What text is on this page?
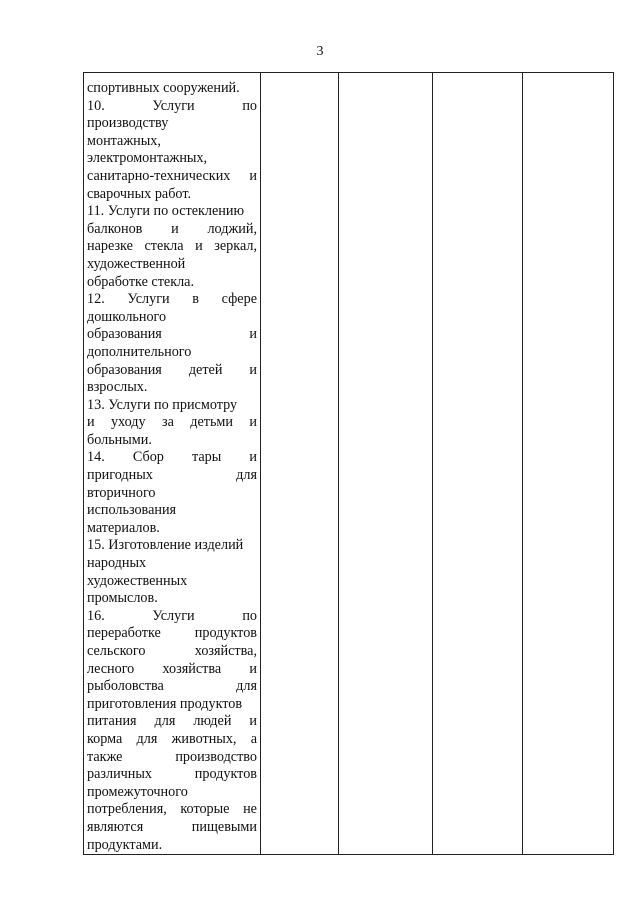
3
спортивных сооружений.
10.	Услуги	по
производству
монтажных,
электромонтажных,
санитарно-технических и
сварочных работ.
11. Услуги по остеклению
балконов и лоджий,
нарезке стекла и зеркал,
художественной
обработке стекла.
12. Услуги в сфере
дошкольного
образования	и
дополнительного
образования детей и
взрослых.
13. Услуги по присмотру
и уходу за детьми и
больными.
14. Сбор тары и
пригодных	для
вторичного
использования
материалов.
15. Изготовление изделий
народных
художественных
промыслов.
16.	Услуги	по
переработке продуктов
сельского	хозяйства,
лесного хозяйства и
рыболовства	для
приготовления продуктов
питания для людей и
корма для животных, а
также	производство
различных	продуктов
промежуточного
потребления, которые не
являются	пищевыми
продуктами.
